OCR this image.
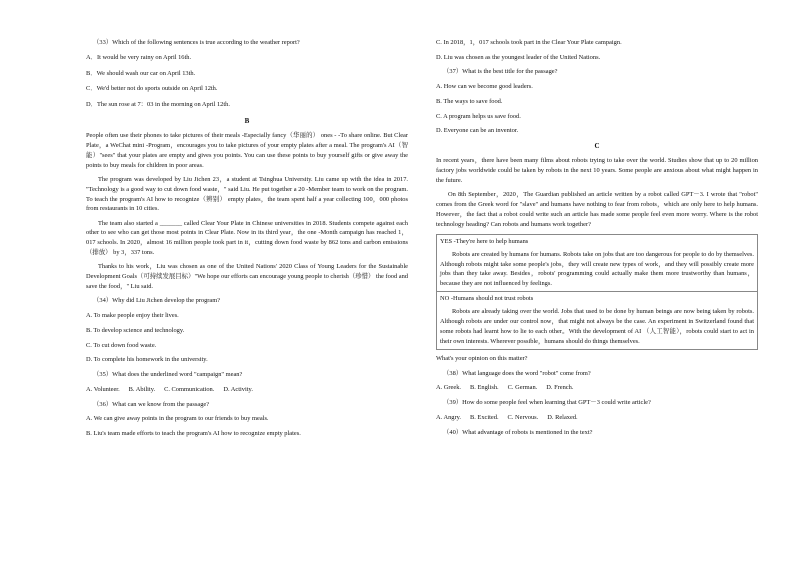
（33）Which of the following sentences is true according to the weather report?

A．It would be very rainy on April 16th.

B．We should wash our car on April 13th.

C．We'd better not do sports outside on April 12th.

D．The sun rose at 7：03 in the morning on April 12th.

B

People often use their phones to take pictures of their meals -Especially fancy（华丽的） ones - -To share online. But Clear Plate，a WeChat mini -Program，encourages you to take pictures of your empty plates after a meal. The program's AI（智能）"sees" that your plates are empty and gives you points. You can use these points to buy yourself gifts or give away the points to buy meals for children in poor areas.

The program was developed by Liu Jichen 23，a student at Tsinghua University. Liu came up with the idea in 2017. "Technology is a good way to cut down food waste，" said Liu. He put together a 20 -Member team to work on the program. To teach the program's AI how to recognize（辨别） empty plates，the team spent half a year collecting 100，000 photos from restaurants in 10 cities.

The team also started a _______ called Clear Your Plate in Chinese universities in 2018. Students compete against each other to see who can get those most points in Clear Plate. Now in its third year，the one -Month campaign has reached 1，017 schools. In 2020，almost 16 million people took part in it，cutting down food waste by 862 tons and carbon emissions（排放） by 3，337 tons.

Thanks to his work，Liu was chosen as one of the United Nations' 2020 Class of Young Leaders for the Sustainable Development Goals（可持续发展目标）"We hope our efforts can encourage young people to cherish（珍惜） the food and save the food，" Liu said.

（34）Why did Liu Jichen develop the program?

A. To make people enjoy their lives.

B. To develop science and technology.

C. To cut down food waste.

D. To complete his homework in the university.

（35）What does the underlined word "campaign" mean?

A. Volunteer. B. Ability. C. Communication. D. Activity.

（36）What can we know from the passage?

A. We can give away points in the program to our friends to buy meals.

B. Liu's team made efforts to teach the program's AI how to recognize empty plates.

C. In 2018，1，017 schools took part in the Clear Your Plate campaign.

D. Liu was chosen as the youngest leader of the United Nations.

（37）What is the best title for the passage?

A. How can we become good leaders.

B. The ways to save food.

C. A program helps us save food.

D. Everyone can be an inventor.

C

In recent years，there have been many films about robots trying to take over the world. Studies show that up to 20 million factory jobs worldwide could be taken by robots in the next 10 years. Some people are anxious about what might happen in the future.

On 8th September，2020，The Guardian published an article written by a robot called GPT－3. I wrote that "robot" comes from the Greek word for "slave" and humans have nothing to fear from robots，which are only here to help humans. However，the fact that a robot could write such an article has made some people feel even more worry. Where is the robot technology heading? Can robots and humans work together?

YES -They're here to help humans

Robots are created by humans for humans. Robots take on jobs that are too dangerous for people to do by themselves. Although robots might take some people's jobs，they will create new types of work，and they will possibly create more jobs than they take away. Besides，robots' programming could actually make them more trustworthy than humans，because they are not influenced by feelings.

NO -Humans should not trust robots

Robots are already taking over the world. Jobs that used to be done by human beings are now being taken by robots. Although robots are under our control now，that might not always be the case. An experiment in Switzerland found that some robots had learnt how to lie to each other。With the development of AI （人工智能），robots could start to act in their own interests. Wherever possible，humans should do things themselves.

What's your opinion on this matter?

（38）What language does the word "robot" come from?

A. Greek. B. English. C. German. D. French.

（39）How do some people feel when learning that GPT－3 could write article?

A. Angry. B. Excited. C. Nervous. D. Relaxed.

（40）What advantage of robots is mentioned in the text?
